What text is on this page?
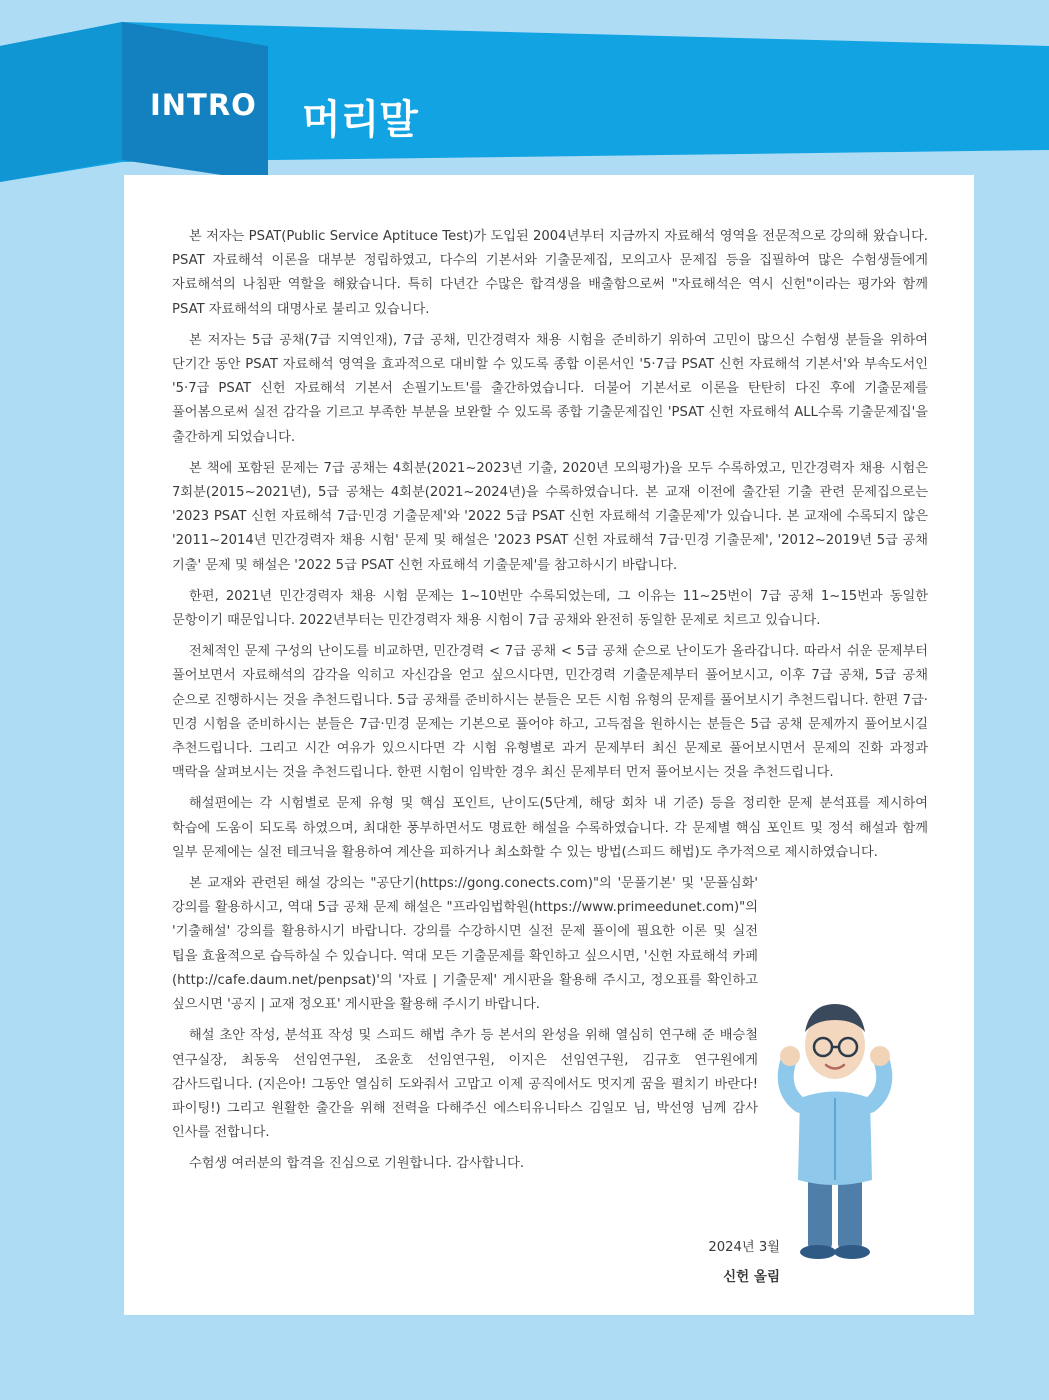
INTRO 머리말

본 저자는 PSAT(Public Service Aptituce Test)가 도입된 2004년부터 지금까지 자료해석 영역을 전문적으로 강의해 왔습니다. PSAT 자료해석 이론을 대부분 정립하였고, 다수의 기본서와 기출문제집, 모의고사 문제집 등을 집필하여 많은 수험생들에게 자료해석의 나침판 역할을 해왔습니다. 특히 다년간 수많은 합격생을 배출함으로써 "자료해석은 역시 신헌"이라는 평가와 함께 PSAT 자료해석의 대명사로 불리고 있습니다.

본 저자는 5급 공채(7급 지역인재), 7급 공채, 민간경력자 채용 시험을 준비하기 위하여 고민이 많으신 수험생 분들을 위하여 단기간 동안 PSAT 자료해석 영역을 효과적으로 대비할 수 있도록 종합 이론서인 '5·7급 PSAT 신헌 자료해석 기본서'와 부속도서인 '5·7급 PSAT 신헌 자료해석 기본서 손필기노트'를 출간하였습니다. 더불어 기본서로 이론을 탄탄히 다진 후에 기출문제를 풀어봄으로써 실전 감각을 기르고 부족한 부분을 보완할 수 있도록 종합 기출문제집인 'PSAT 신헌 자료해석 ALL수록 기출문제집'을 출간하게 되었습니다.

본 책에 포함된 문제는 7급 공채는 4회분(2021~2023년 기출, 2020년 모의평가)을 모두 수록하였고, 민간경력자 채용 시험은 7회분(2015~2021년), 5급 공채는 4회분(2021~2024년)을 수록하였습니다. 본 교재 이전에 출간된 기출 관련 문제집으로는 '2023 PSAT 신헌 자료해석 7급·민경 기출문제'와 '2022 5급 PSAT 신헌 자료해석 기출문제'가 있습니다. 본 교재에 수록되지 않은 '2011~2014년 민간경력자 채용 시험' 문제 및 해설은 '2023 PSAT 신헌 자료해석 7급·민경 기출문제', '2012~2019년 5급 공채 기출' 문제 및 해설은 '2022 5급 PSAT 신헌 자료해석 기출문제'를 참고하시기 바랍니다.

한편, 2021년 민간경력자 채용 시험 문제는 1~10번만 수록되었는데, 그 이유는 11~25번이 7급 공채 1~15번과 동일한 문항이기 때문입니다. 2022년부터는 민간경력자 채용 시험이 7급 공채와 완전히 동일한 문제로 치르고 있습니다.

전체적인 문제 구성의 난이도를 비교하면, 민간경력 < 7급 공채 < 5급 공채 순으로 난이도가 올라갑니다. 따라서 쉬운 문제부터 풀어보면서 자료해석의 감각을 익히고 자신감을 얻고 싶으시다면, 민간경력 기출문제부터 풀어보시고, 이후 7급 공채, 5급 공채 순으로 진행하시는 것을 추천드립니다. 5급 공채를 준비하시는 분들은 모든 시험 유형의 문제를 풀어보시기 추천드립니다. 한편 7급·민경 시험을 준비하시는 분들은 7급·민경 문제는 기본으로 풀어야 하고, 고득점을 원하시는 분들은 5급 공채 문제까지 풀어보시길 추천드립니다. 그리고 시간 여유가 있으시다면 각 시험 유형별로 과거 문제부터 최신 문제로 풀어보시면서 문제의 진화 과정과 맥락을 살펴보시는 것을 추천드립니다. 한편 시험이 임박한 경우 최신 문제부터 먼저 풀어보시는 것을 추천드립니다.

해설편에는 각 시험별로 문제 유형 및 핵심 포인트, 난이도(5단계, 해당 회차 내 기준) 등을 정리한 문제 분석표를 제시하여 학습에 도움이 되도록 하였으며, 최대한 풍부하면서도 명료한 해설을 수록하였습니다. 각 문제별 핵심 포인트 및 정석 해설과 함께 일부 문제에는 실전 테크닉을 활용하여 계산을 피하거나 최소화할 수 있는 방법(스피드 해법)도 추가적으로 제시하였습니다.

본 교재와 관련된 해설 강의는 "공단기(https://gong.conects.com)"의 '문풀기본' 및 '문풀심화' 강의를 활용하시고, 역대 5급 공채 문제 해설은 "프라임법학원(https://www.primeedunet.com)"의 '기출해설' 강의를 활용하시기 바랍니다. 강의를 수강하시면 실전 문제 풀이에 필요한 이론 및 실전 팁을 효율적으로 습득하실 수 있습니다. 역대 모든 기출문제를 확인하고 싶으시면, '신헌 자료해석 카페(http://cafe.daum.net/penpsat)'의 '자료 | 기출문제' 게시판을 활용해 주시고, 정오표를 확인하고 싶으시면 '공지 | 교재 정오표' 게시판을 활용해 주시기 바랍니다.

해설 초안 작성, 분석표 작성 및 스피드 해법 추가 등 본서의 완성을 위해 열심히 연구해 준 배승철 연구실장, 최동욱 선임연구원, 조윤호 선임연구원, 이지은 선임연구원, 김규호 연구원에게 감사드립니다. (지은아! 그동안 열심히 도와줘서 고맙고 이제 공직에서도 멋지게 꿈을 펼치기 바란다! 파이팅!) 그리고 원활한 출간을 위해 전력을 다해주신 에스티유니타스 김일모 님, 박선영 님께 감사 인사를 전합니다.

수험생 여러분의 합격을 진심으로 기원합니다. 감사합니다.

2024년 3월
신헌 올림
